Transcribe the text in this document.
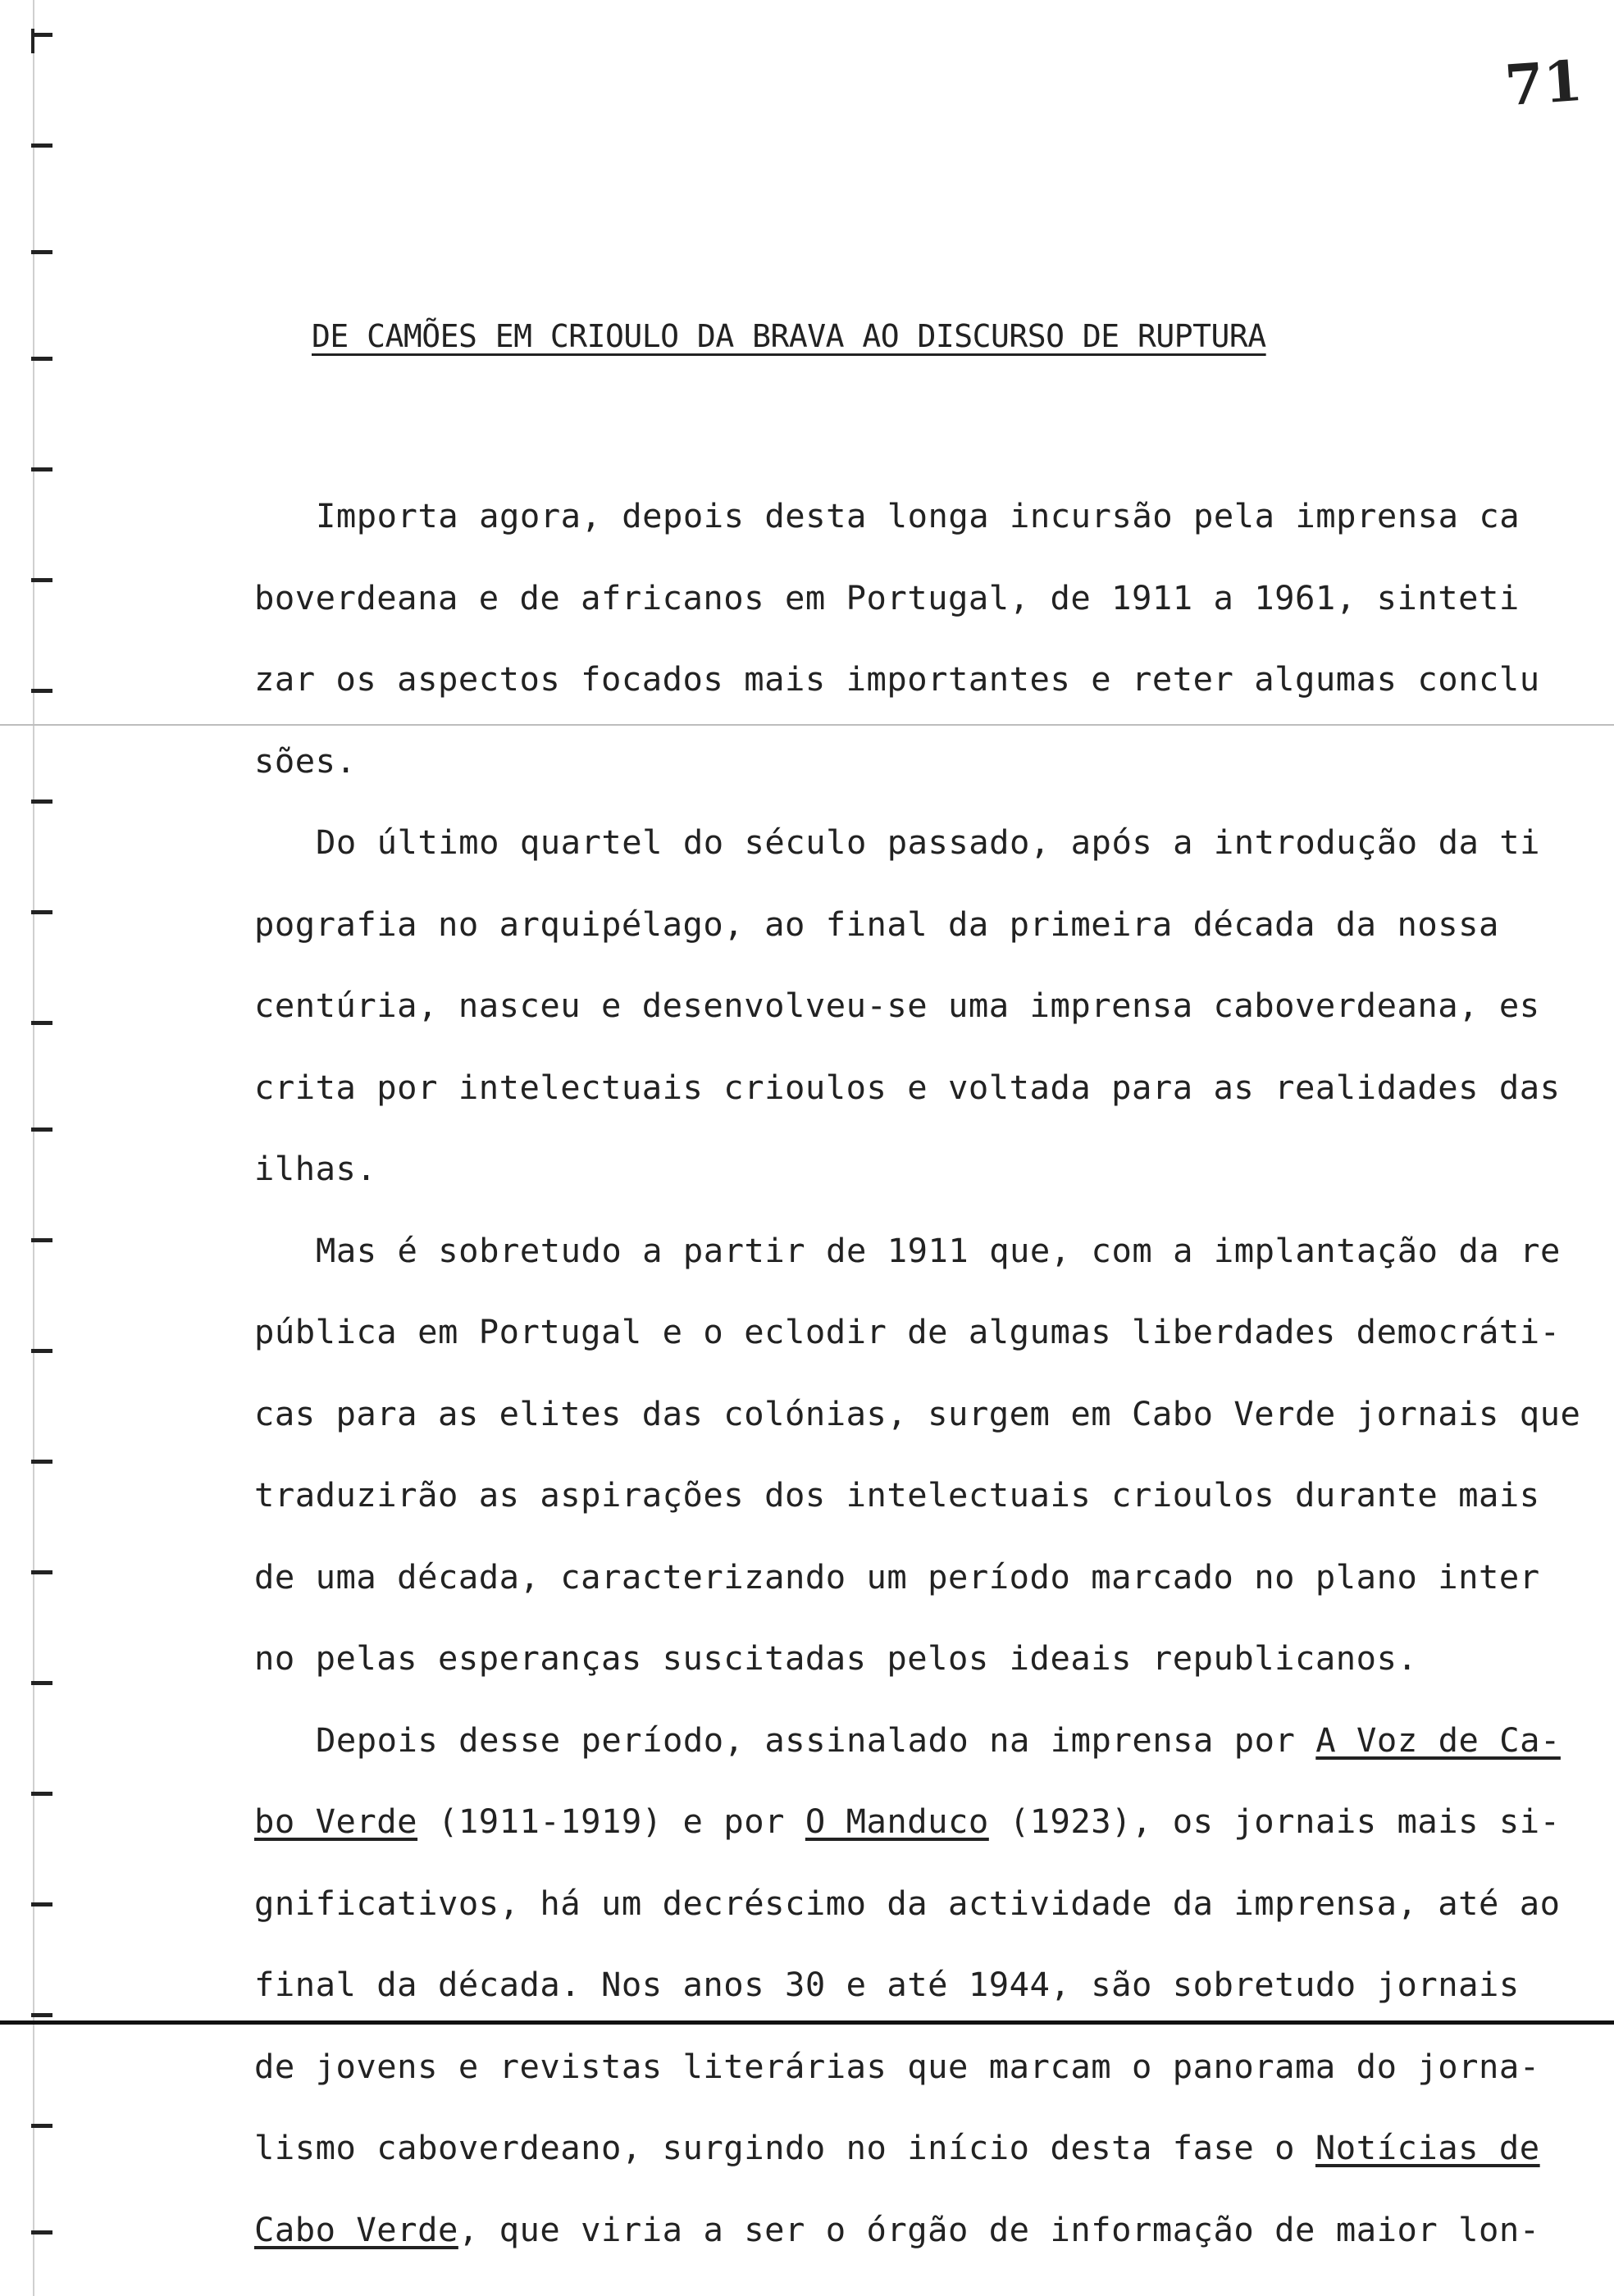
71
DE CAMÕES EM CRIOULO DA BRAVA AO DISCURSO DE RUPTURA

Importa agora, depois desta longa incursão pela imprensa ca
boverdeana e de africanos em Portugal, de 1911 a 1961, sinteti
zar os aspectos focados mais importantes e reter algumas conclu
sões.

Do último quartel do século passado, após a introdução da ti
pografia no arquipélago, ao final da primeira década da nossa
centúria, nasceu e desenvolveu-se uma imprensa caboverdeana, es
crita por intelectuais crioulos e voltada para as realidades das
ilhas.

Mas é sobretudo a partir de 1911 que, com a implantação da re
pública em Portugal e o eclodir de algumas liberdades democráti-
cas para as elites das colónias, surgem em Cabo Verde jornais que
traduzirão as aspirações dos intelectuais crioulos durante mais
de uma década, caracterizando um período marcado no plano inter
no pelas esperanças suscitadas pelos ideais republicanos.

Depois desse período, assinalado na imprensa por A Voz de Ca-
bo Verde (1911-1919) e por O Manduco (1923), os jornais mais si-
gnificativos, há um decréscimo da actividade da imprensa, até ao
final da década. Nos anos 30 e até 1944, são sobretudo jornais
de jovens e revistas literárias que marcam o panorama do jorna-
lismo caboverdeano, surgindo no início desta fase o Notícias de
Cabo Verde, que viria a ser o órgão de informação de maior lon-
